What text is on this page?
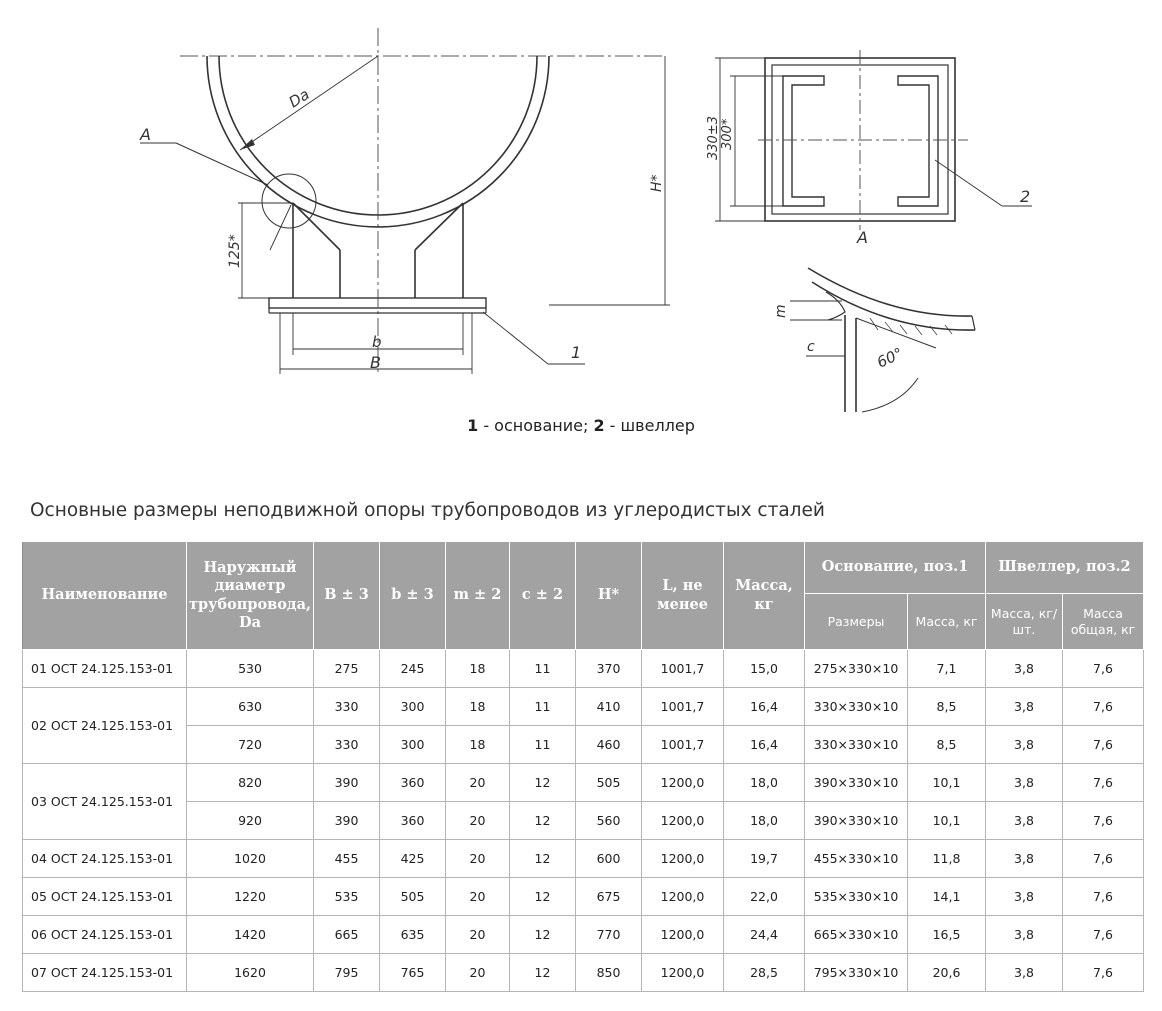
Da
A
H*
125*
b
B
1
330±3 300*
2
A
m
c	60°
1 - основание; 2 - швеллер
Основные размеры неподвижной опоры трубопроводов из углеродистых сталей
Наименование	Наружный диаметр трубопровода, Da	B ± 3	b ± 3	m ± 2	c ± 2	H*	L, не менее	Масса, кг	Основание, поз.1		Швеллер, поз.2	
									Размеры	Масса, кг	Масса, кг/шт.	Масса общая, кг
01 ОСТ 24.125.153-01	530	275	245	18	11	370	1001,7	15,0	275×330×10	7,1	3,8	7,6
02 ОСТ 24.125.153-01	630	330	300	18	11	410	1001,7	16,4	330×330×10	8,5	3,8	7,6
	720	330	300	18	11	460	1001,7	16,4	330×330×10	8,5	3,8	7,6
03 ОСТ 24.125.153-01	820	390	360	20	12	505	1200,0	18,0	390×330×10	10,1	3,8	7,6
	920	390	360	20	12	560	1200,0	18,0	390×330×10	10,1	3,8	7,6
04 ОСТ 24.125.153-01	1020	455	425	20	12	600	1200,0	19,7	455×330×10	11,8	3,8	7,6
05 ОСТ 24.125.153-01	1220	535	505	20	12	675	1200,0	22,0	535×330×10	14,1	3,8	7,6
06 ОСТ 24.125.153-01	1420	665	635	20	12	770	1200,0	24,4	665×330×10	16,5	3,8	7,6
07 ОСТ 24.125.153-01	1620	795	765	20	12	850	1200,0	28,5	795×330×10	20,6	3,8	7,6
